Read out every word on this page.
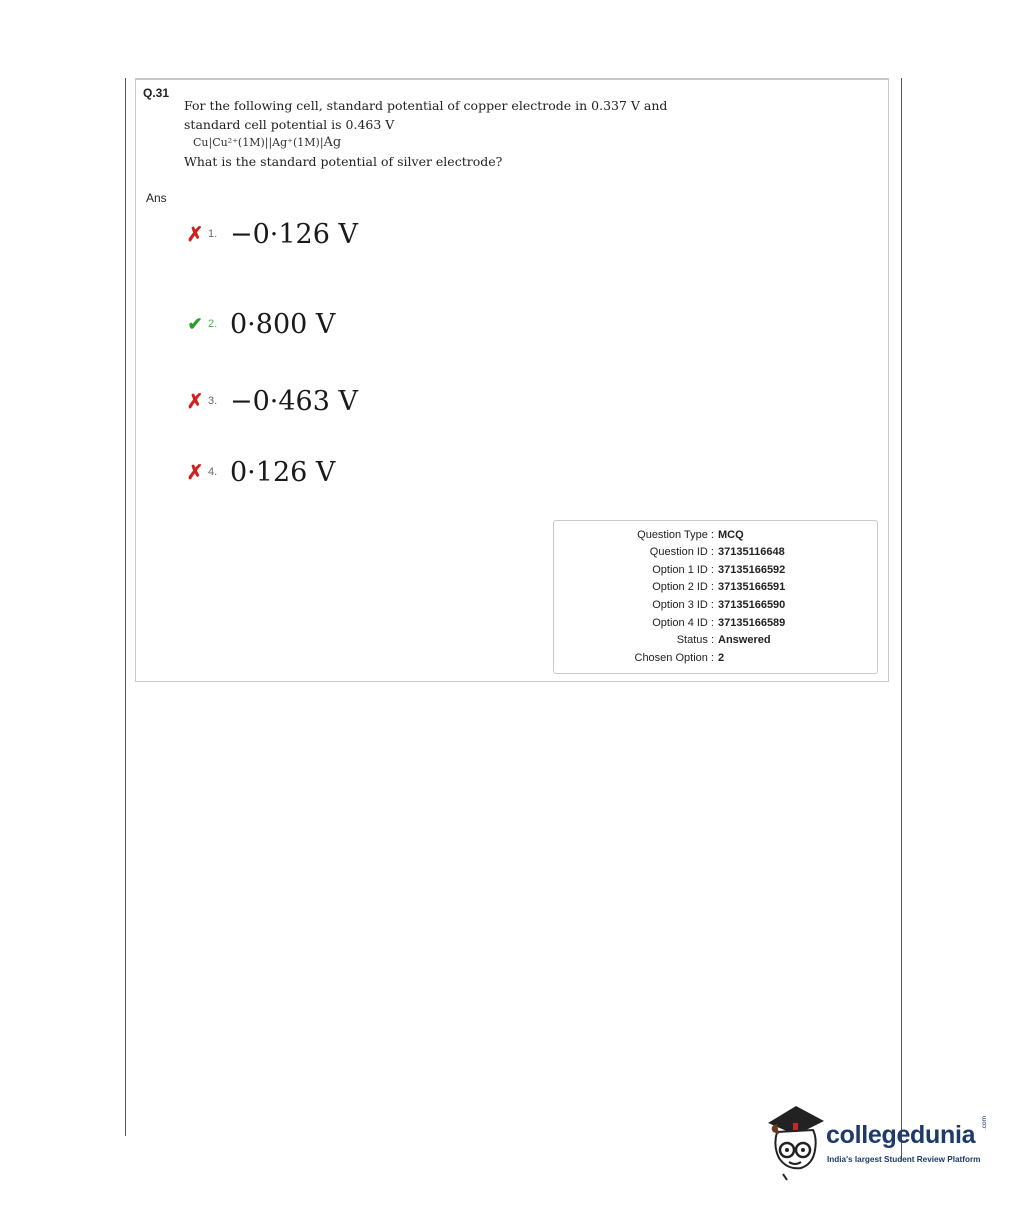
Q.31
For the following cell, standard potential of copper electrode in 0.337 V and
standard cell potential is 0.463 V
Cu|Cu²⁺(1M)||Ag⁺(1M)|Ag
What is the standard potential of silver electrode?
Ans
✗ 1. −0·126 V
✔ 2. 0·800 V
✗ 3. −0·463 V
✗ 4. 0·126 V
Question Type : MCQ
Question ID : 37135116648
Option 1 ID : 37135166592
Option 2 ID : 37135166591
Option 3 ID : 37135166590
Option 4 ID : 37135166589
Status : Answered
Chosen Option : 2
collegedunia .com
India's largest Student Review Platform
